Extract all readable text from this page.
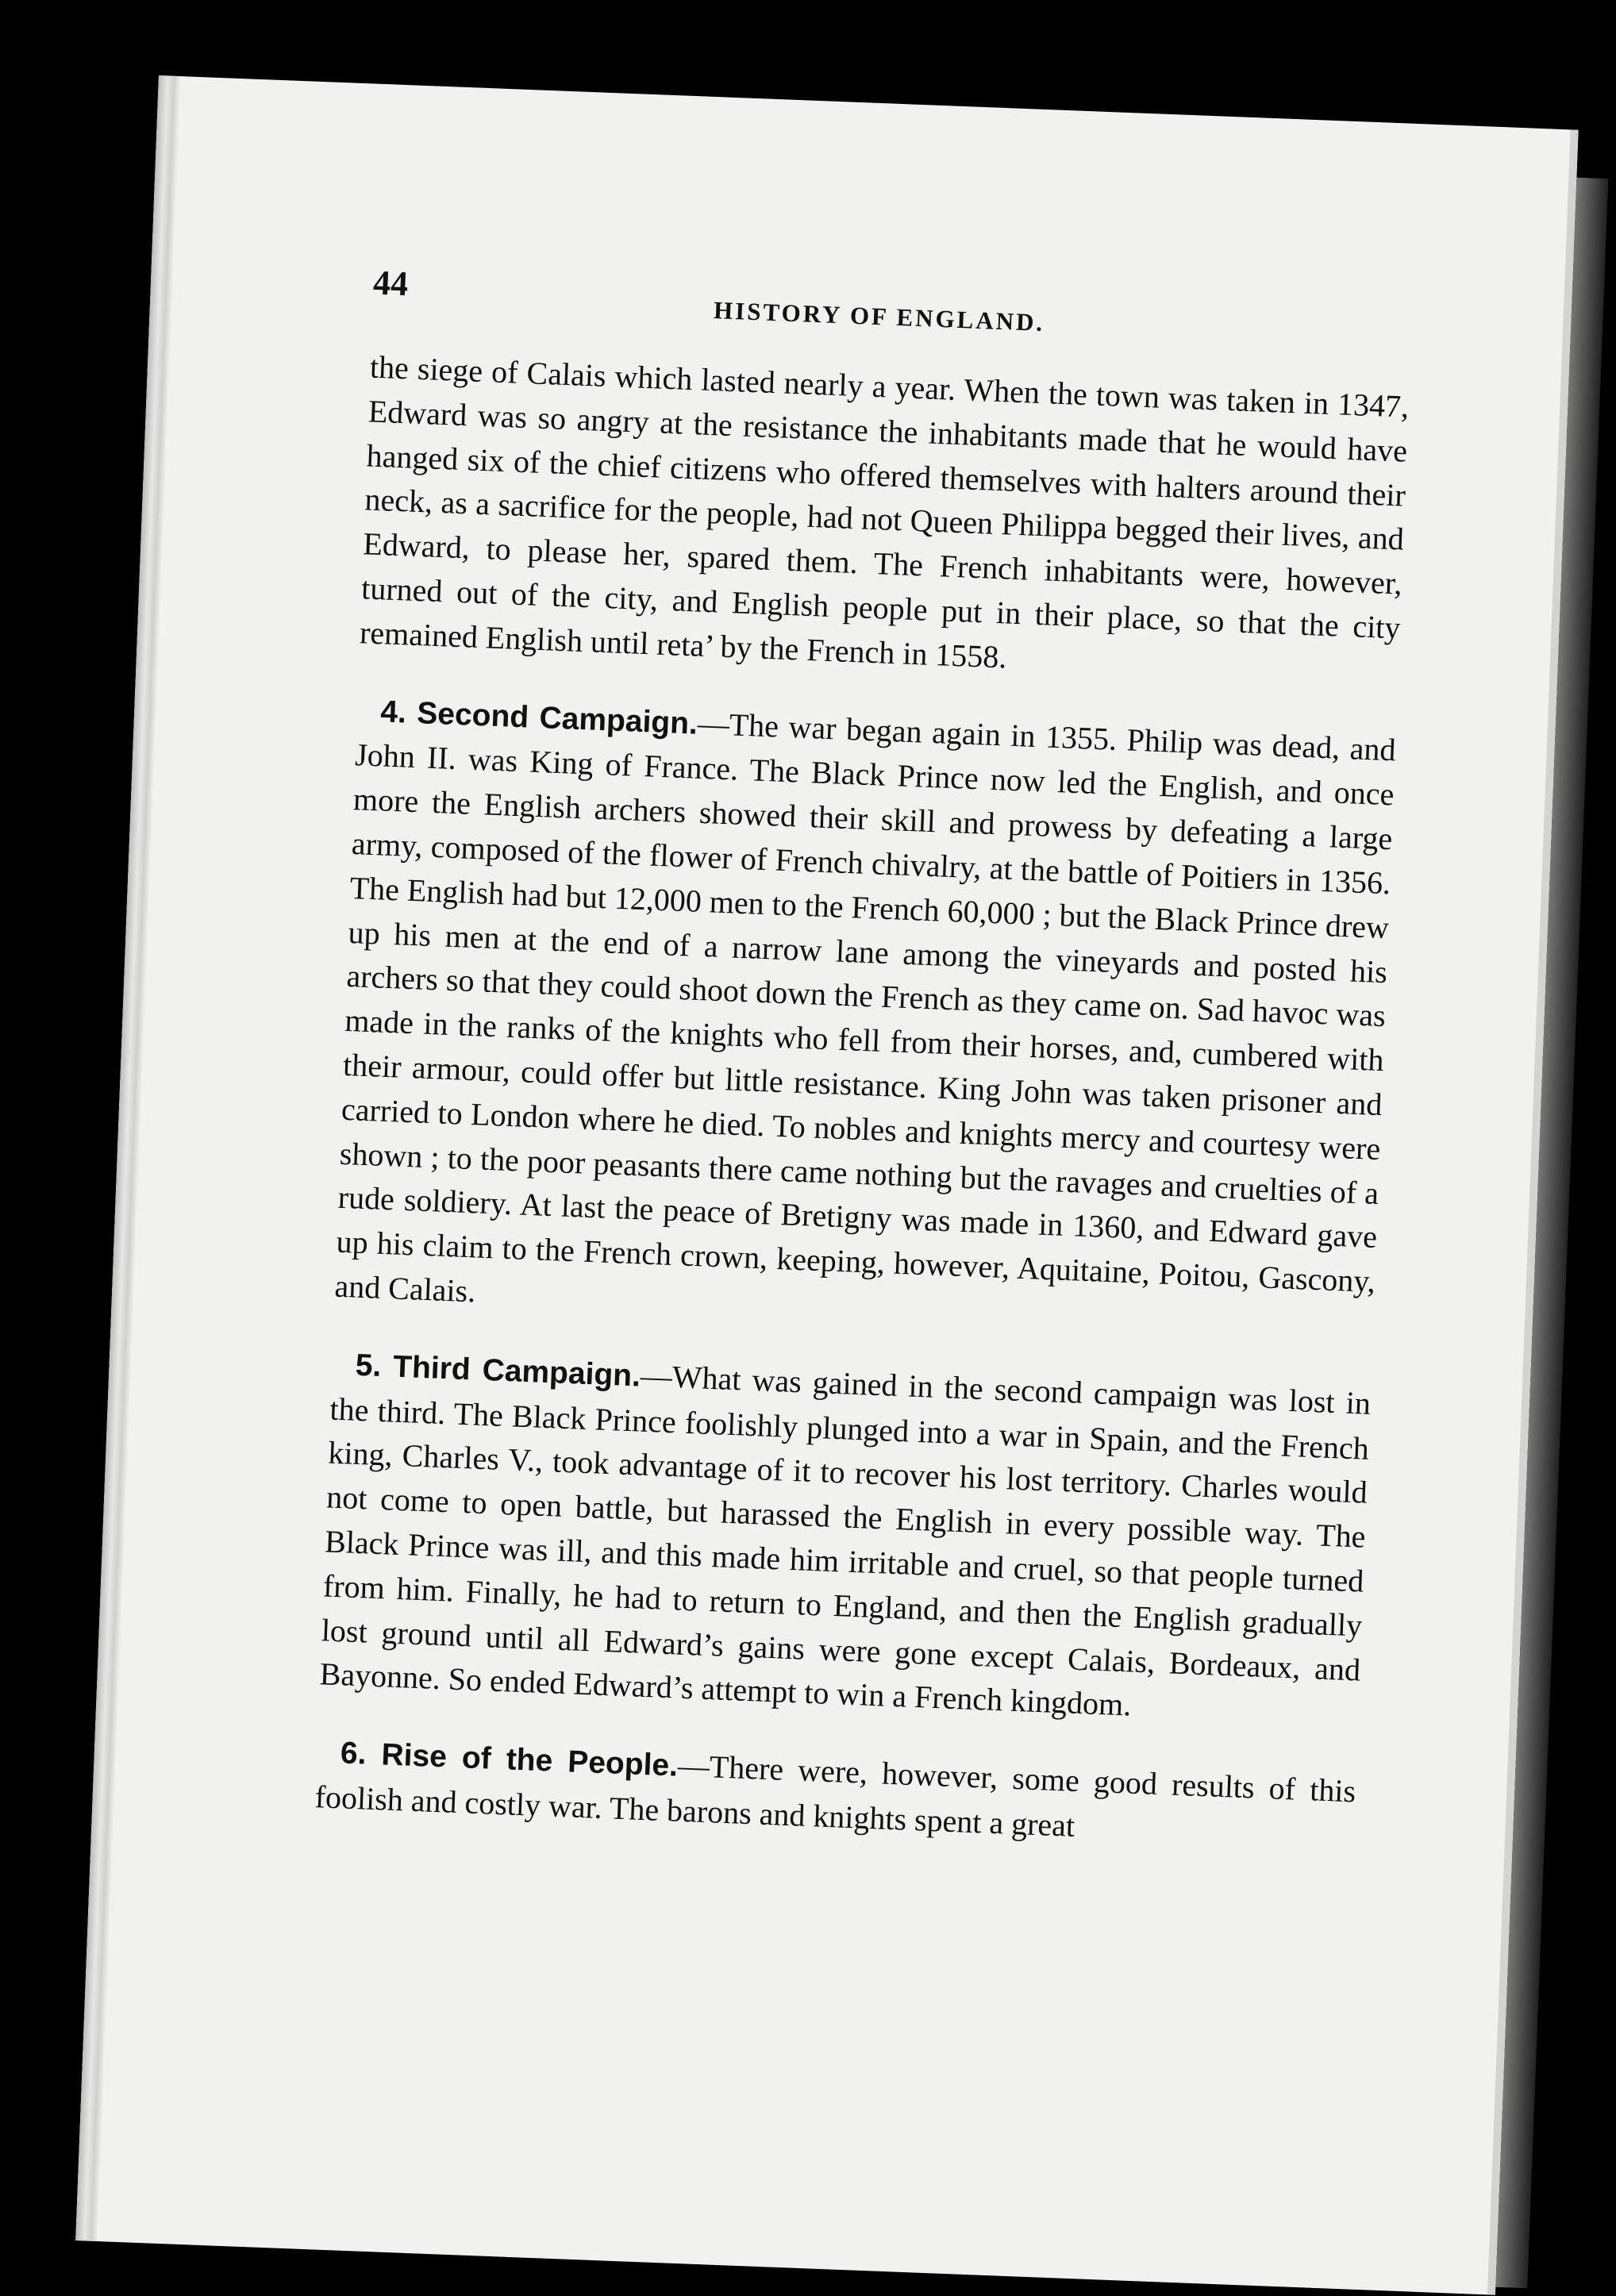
44
HISTORY OF ENGLAND.

the siege of Calais which lasted nearly a year. When the town was taken in 1347, Edward was so angry at the resistance the inhabitants made that he would have hanged six of the chief citizens who offered themselves with halters around their neck, as a sacrifice for the people, had not Queen Philippa begged their lives, and Edward, to please her, spared them. The French inhabitants were, however, turned out of the city, and English people put in their place, so that the city remained English until reta’ by the French in 1558.

4. Second Campaign.—The war began again in 1355. Philip was dead, and John II. was King of France. The Black Prince now led the English, and once more the English archers showed their skill and prowess by defeating a large army, composed of the flower of French chivalry, at the battle of Poitiers in 1356. The English had but 12,000 men to the French 60,000 ; but the Black Prince drew up his men at the end of a narrow lane among the vineyards and posted his archers so that they could shoot down the French as they came on. Sad havoc was made in the ranks of the knights who fell from their horses, and, cumbered with their armour, could offer but little resistance. King John was taken prisoner and carried to London where he died. To nobles and knights mercy and courtesy were shown ; to the poor peasants there came nothing but the ravages and cruelties of a rude soldiery. At last the peace of Bretigny was made in 1360, and Edward gave up his claim to the French crown, keeping, however, Aquitaine, Poitou, Gascony, and Calais.

5. Third Campaign.—What was gained in the second campaign was lost in the third. The Black Prince foolishly plunged into a war in Spain, and the French king, Charles V., took advantage of it to recover his lost territory. Charles would not come to open battle, but harassed the English in every possible way. The Black Prince was ill, and this made him irritable and cruel, so that people turned from him. Finally, he had to return to England, and then the English gradually lost ground until all Edward’s gains were gone except Calais, Bordeaux, and Bayonne. So ended Edward’s attempt to win a French kingdom.

6. Rise of the People.—There were, however, some good results of this foolish and costly war. The barons and knights spent a great
